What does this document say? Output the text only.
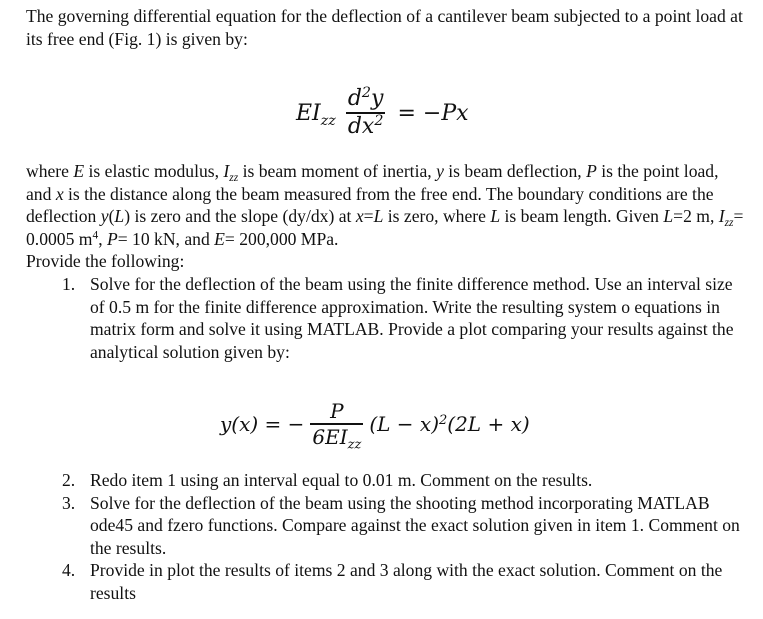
The governing differential equation for the deflection of a cantilever beam subjected to a point load at its free end (Fig. 1) is given by:

$EI_{zz} \frac{d^2y}{dx^2} = -Px$

where E is elastic modulus, $I_{zz}$ is beam moment of inertia, y is beam deflection, P is the point load, and x is the distance along the beam measured from the free end. The boundary conditions are the deflection y(L) is zero and the slope (dy/dx) at x=L is zero, where L is beam length. Given L=2 m, $I_{zz}= 0.0005$ $m^4$, P= 10 kN, and E= 200,000 MPa.
Provide the following:

1. Solve for the deflection of the beam using the finite difference method. Use an interval size of 0.5 m for the finite difference approximation. Write the resulting system o equations in matrix form and solve it using MATLAB. Provide a plot comparing your results against the analytical solution given by:
y(x) = − $\frac{P}{6EI_{zz}} (L - x)^2(2L + x)$
2. Redo item 1 using an interval equal to 0.01 m. Comment on the results.
3. Solve for the deflection of the beam using the shooting method incorporating MATLAB ode45 and fzero functions. Compare against the exact solution given in item 1. Comment on the results.
4. Provide in plot the results of items 2 and 3 along with the exact solution. Comment on the results
